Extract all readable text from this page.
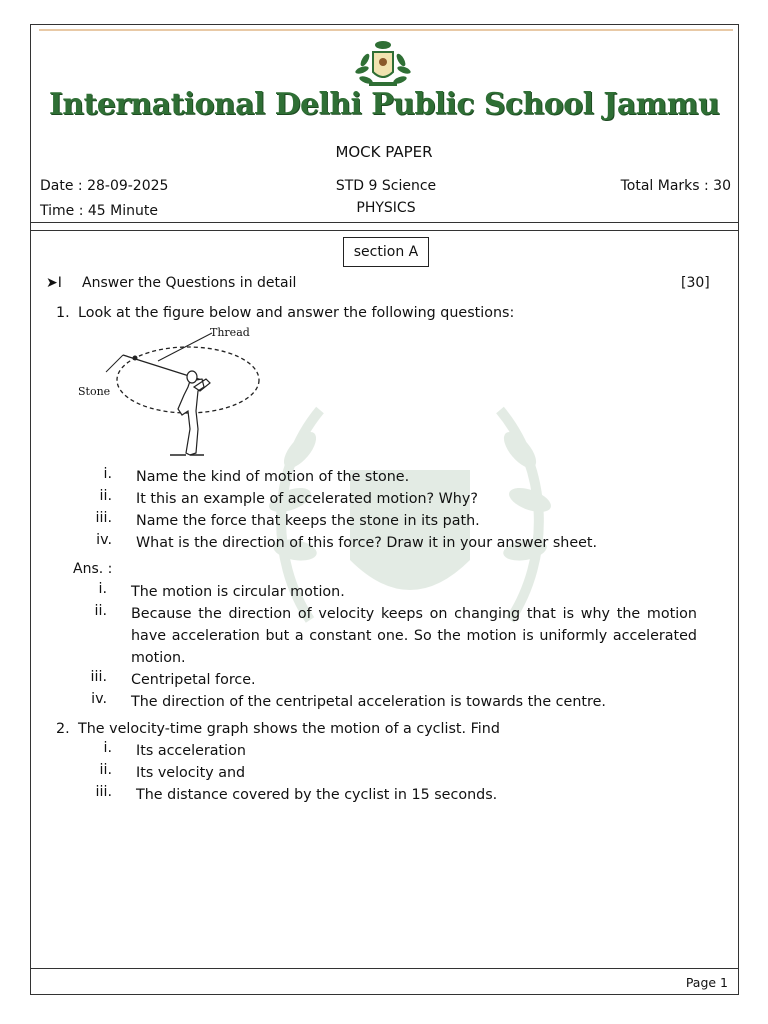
International Delhi Public School Jammu
MOCK PAPER
Date : 28-09-2025
Time : 45 Minute
STD 9 Science
PHYSICS
Total Marks : 30
section A
➤I Answer the Questions in detail	[30]
1. Look at the figure below and answer the following questions:
Thread
Stone
i. Name the kind of motion of the stone.
ii. It this an example of accelerated motion? Why?
iii. Name the force that keeps the stone in its path.
iv. What is the direction of this force? Draw it in your answer sheet.
Ans. :
i. The motion is circular motion.
ii. Because the direction of velocity keeps on changing that is why the motion have acceleration but a constant one. So the motion is uniformly accelerated motion.
iii. Centripetal force.
iv. The direction of the centripetal acceleration is towards the centre.
2. The velocity-time graph shows the motion of a cyclist. Find
i. Its acceleration
ii. Its velocity and
iii. The distance covered by the cyclist in 15 seconds.
Page 1
